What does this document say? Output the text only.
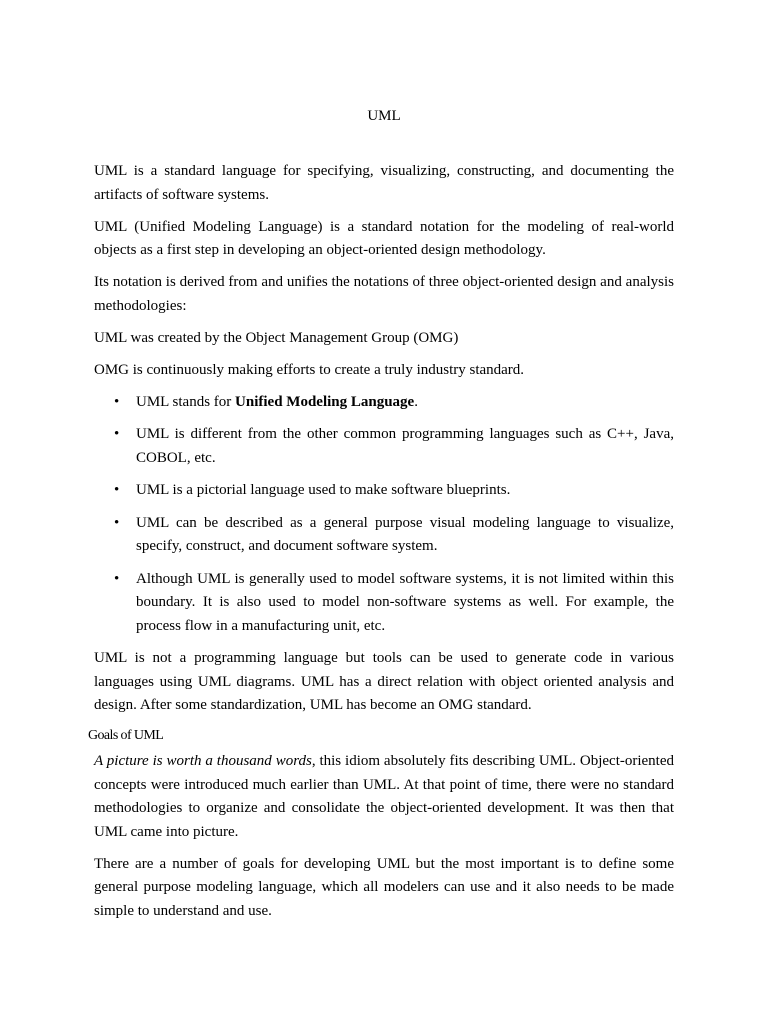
UML

UML is a standard language for specifying, visualizing, constructing, and documenting the artifacts of software systems.

UML (Unified Modeling Language) is a standard notation for the modeling of real-world objects as a first step in developing an object-oriented design methodology.

Its notation is derived from and unifies the notations of three object-oriented design and analysis methodologies:

UML was created by the Object Management Group (OMG)

OMG is continuously making efforts to create a truly industry standard.

• UML stands for Unified Modeling Language.
• UML is different from the other common programming languages such as C++, Java, COBOL, etc.
• UML is a pictorial language used to make software blueprints.
• UML can be described as a general purpose visual modeling language to visualize, specify, construct, and document software system.
• Although UML is generally used to model software systems, it is not limited within this boundary. It is also used to model non-software systems as well. For example, the process flow in a manufacturing unit, etc.

UML is not a programming language but tools can be used to generate code in various languages using UML diagrams. UML has a direct relation with object oriented analysis and design. After some standardization, UML has become an OMG standard.

Goals of UML

A picture is worth a thousand words, this idiom absolutely fits describing UML. Object-oriented concepts were introduced much earlier than UML. At that point of time, there were no standard methodologies to organize and consolidate the object-oriented development. It was then that UML came into picture.

There are a number of goals for developing UML but the most important is to define some general purpose modeling language, which all modelers can use and it also needs to be made simple to understand and use.
